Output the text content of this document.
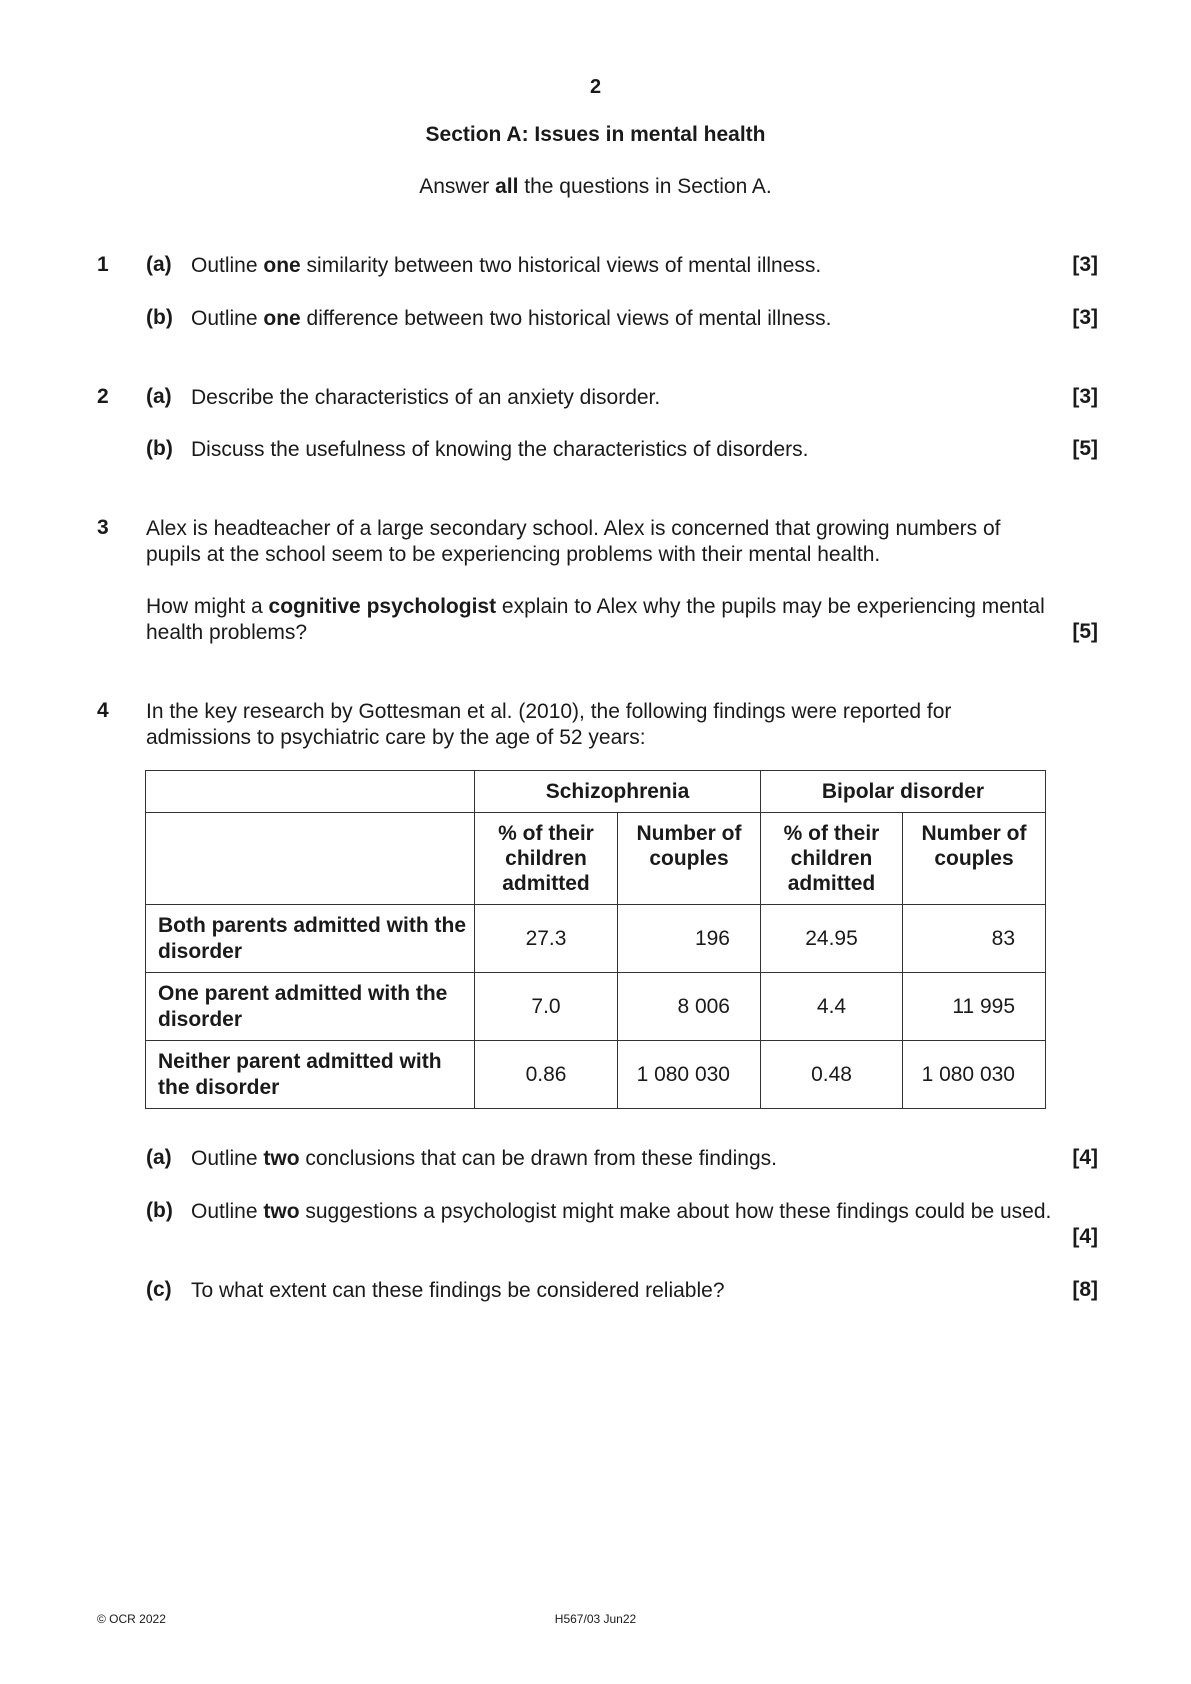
2
Section A: Issues in mental health
Answer all the questions in Section A.
1 (a) Outline one similarity between two historical views of mental illness.	[3]
(b) Outline one difference between two historical views of mental illness.	[3]
2 (a) Describe the characteristics of an anxiety disorder.	[3]
(b) Discuss the usefulness of knowing the characteristics of disorders.	[5]
3 Alex is headteacher of a large secondary school. Alex is concerned that growing numbers of pupils at the school seem to be experiencing problems with their mental health.
How might a cognitive psychologist explain to Alex why the pupils may be experiencing mental health problems?	[5]
4 In the key research by Gottesman et al. (2010), the following findings were reported for admissions to psychiatric care by the age of 52 years:
	Schizophrenia		Bipolar disorder	
	% of their children admitted	Number of couples	% of their children admitted	Number of couples
Both parents admitted with the disorder	27.3	196	24.95	83
One parent admitted with the disorder	7.0	8 006	4.4	11 995
Neither parent admitted with the disorder	0.86	1 080 030	0.48	1 080 030
(a) Outline two conclusions that can be drawn from these findings.	[4]
(b) Outline two suggestions a psychologist might make about how these findings could be used.
[4]
(c) To what extent can these findings be considered reliable?	[8]
© OCR 2022	H567/03 Jun22
